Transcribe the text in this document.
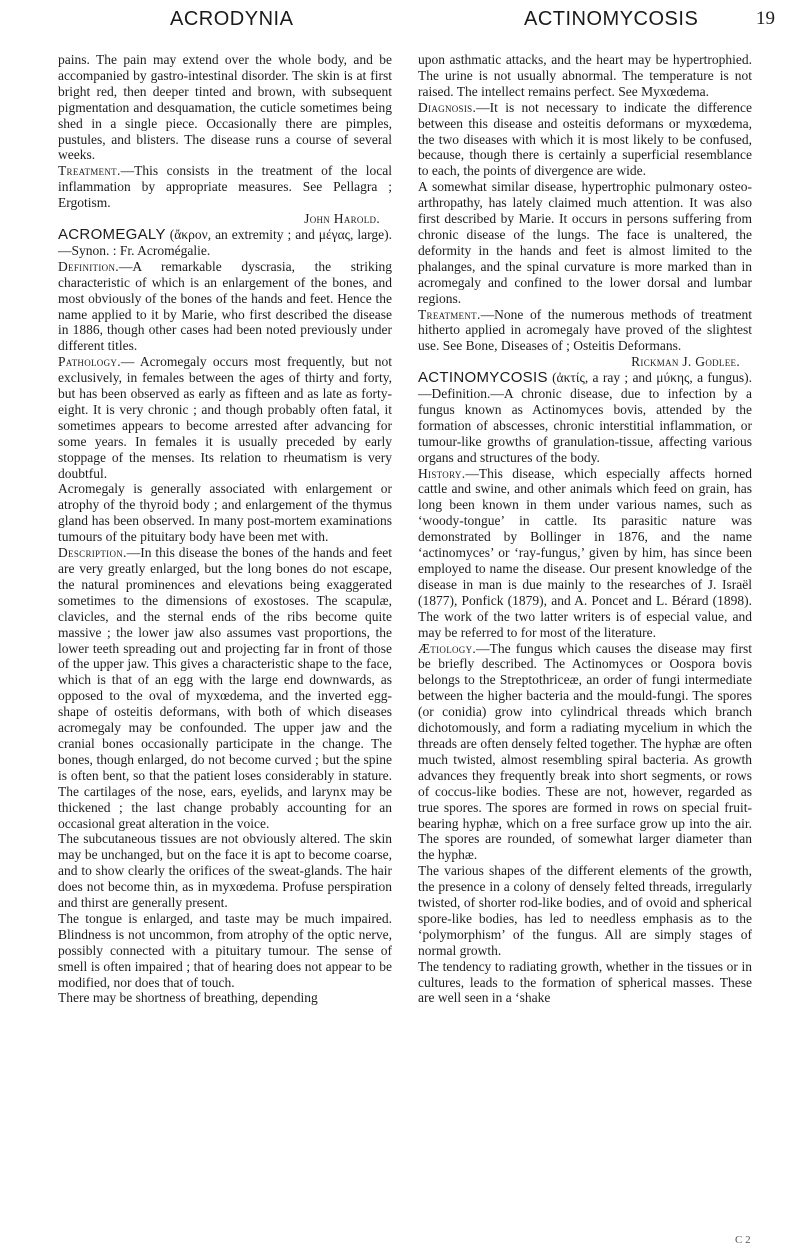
ACRODYNIA	ACTINOMYCOSIS	19

pains. The pain may extend over the whole body, and be accompanied by gastro-intestinal disorder. The skin is at first bright red, then deeper tinted and brown, with subsequent pigmentation and desquamation, the cuticle sometimes being shed in a single piece. Occasionally there are pimples, pustules, and blisters. The disease runs a course of several weeks.

Treatment.—This consists in the treatment of the local inflammation by appropriate measures. See Pellagra ; Ergotism.

John Harold.

ACROMEGALY (ἄκρον, an extremity ; and μέγας, large).—Synon. : Fr. Acromégalie.

Definition.—A remarkable dyscrasia, the striking characteristic of which is an enlargement of the bones, and most obviously of the bones of the hands and feet. Hence the name applied to it by Marie, who first described the disease in 1886, though other cases had been noted previously under different titles.

Pathology.— Acromegaly occurs most frequently, but not exclusively, in females between the ages of thirty and forty, but has been observed as early as fifteen and as late as forty-eight. It is very chronic ; and though probably often fatal, it sometimes appears to become arrested after advancing for some years. In females it is usually preceded by early stoppage of the menses. Its relation to rheumatism is very doubtful.

Acromegaly is generally associated with enlargement or atrophy of the thyroid body ; and enlargement of the thymus gland has been observed. In many post-mortem examinations tumours of the pituitary body have been met with.

Description.—In this disease the bones of the hands and feet are very greatly enlarged, but the long bones do not escape, the natural prominences and elevations being exaggerated sometimes to the dimensions of exostoses. The scapulæ, clavicles, and the sternal ends of the ribs become quite massive ; the lower jaw also assumes vast proportions, the lower teeth spreading out and projecting far in front of those of the upper jaw. This gives a characteristic shape to the face, which is that of an egg with the large end downwards, as opposed to the oval of myxœdema, and the inverted egg-shape of osteitis deformans, with both of which diseases acromegaly may be confounded. The upper jaw and the cranial bones occasionally participate in the change. The bones, though enlarged, do not become curved ; but the spine is often bent, so that the patient loses considerably in stature. The cartilages of the nose, ears, eyelids, and larynx may be thickened ; the last change probably accounting for an occasional great alteration in the voice.

The subcutaneous tissues are not obviously altered. The skin may be unchanged, but on the face it is apt to become coarse, and to show clearly the orifices of the sweat-glands. The hair does not become thin, as in myxœdema. Profuse perspiration and thirst are generally present.

The tongue is enlarged, and taste may be much impaired. Blindness is not uncommon, from atrophy of the optic nerve, possibly connected with a pituitary tumour. The sense of smell is often impaired ; that of hearing does not appear to be modified, nor does that of touch.

There may be shortness of breathing, depending

upon asthmatic attacks, and the heart may be hypertrophied. The urine is not usually abnormal. The temperature is not raised. The intellect remains perfect. See Myxœdema.

Diagnosis.—It is not necessary to indicate the difference between this disease and osteitis deformans or myxœdema, the two diseases with which it is most likely to be confused, because, though there is certainly a superficial resemblance to each, the points of divergence are wide.

A somewhat similar disease, hypertrophic pulmonary osteo-arthropathy, has lately claimed much attention. It was also first described by Marie. It occurs in persons suffering from chronic disease of the lungs. The face is unaltered, the deformity in the hands and feet is almost limited to the phalanges, and the spinal curvature is more marked than in acromegaly and confined to the lower dorsal and lumbar regions.

Treatment.—None of the numerous methods of treatment hitherto applied in acromegaly have proved of the slightest use. See Bone, Diseases of ; Osteitis Deformans.

Rickman J. Godlee.

ACTINOMYCOSIS (ἀκτίς, a ray ; and μύκης, a fungus).—Definition.—A chronic disease, due to infection by a fungus known as Actinomyces bovis, attended by the formation of abscesses, chronic interstitial inflammation, or tumour-like growths of granulation-tissue, affecting various organs and structures of the body.

History.—This disease, which especially affects horned cattle and swine, and other animals which feed on grain, has long been known in them under various names, such as ‘woody-tongue’ in cattle. Its parasitic nature was demonstrated by Bollinger in 1876, and the name ‘actinomyces’ or ‘ray-fungus,’ given by him, has since been employed to name the disease. Our present knowledge of the disease in man is due mainly to the researches of J. Israël (1877), Ponfick (1879), and A. Poncet and L. Bérard (1898). The work of the two latter writers is of especial value, and may be referred to for most of the literature.

Ætiology.—The fungus which causes the disease may first be briefly described. The Actinomyces or Oospora bovis belongs to the Streptothriceæ, an order of fungi intermediate between the higher bacteria and the mould-fungi. The spores (or conidia) grow into cylindrical threads which branch dichotomously, and form a radiating mycelium in which the threads are often densely felted together. The hyphæ are often much twisted, almost resembling spiral bacteria. As growth advances they frequently break into short segments, or rows of coccus-like bodies. These are not, however, regarded as true spores. The spores are formed in rows on special fruit-bearing hyphæ, which on a free surface grow up into the air. The spores are rounded, of somewhat larger diameter than the hyphæ.

The various shapes of the different elements of the growth, the presence in a colony of densely felted threads, irregularly twisted, of shorter rod-like bodies, and of ovoid and spherical spore-like bodies, has led to needless emphasis as to the ‘polymorphism’ of the fungus. All are simply stages of normal growth.

The tendency to radiating growth, whether in the tissues or in cultures, leads to the formation of spherical masses. These are well seen in a ‘shake

C 2
